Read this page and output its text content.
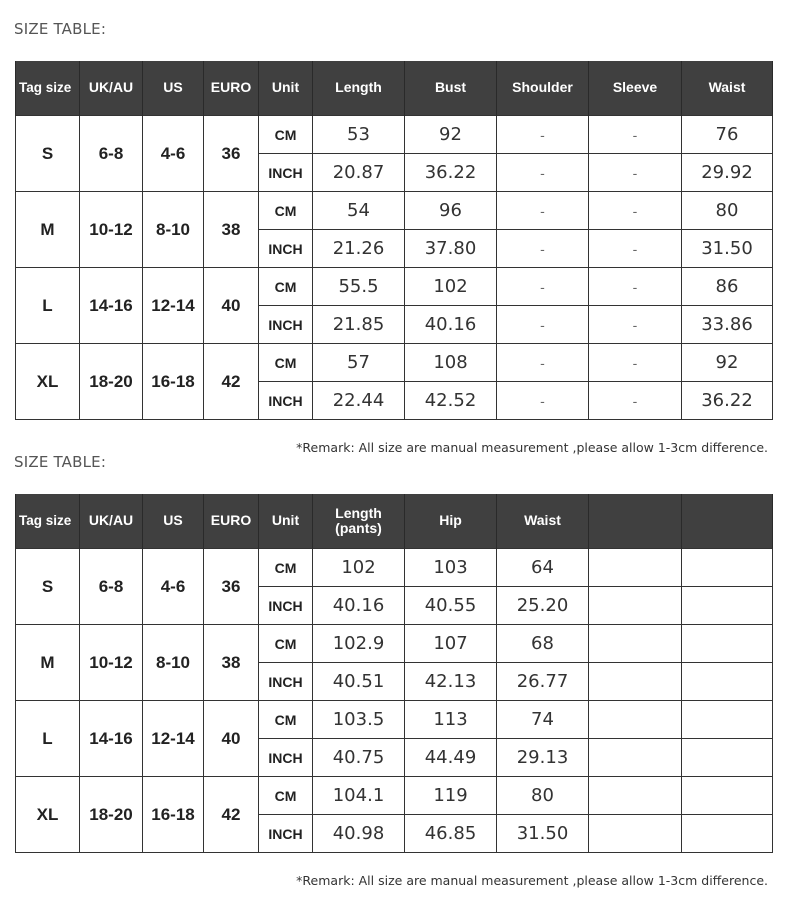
SIZE TABLE:
Tag size	UK/AU	US	EURO	Unit	Length	Bust	Shoulder	Sleeve	Waist
S	6-8	4-6	36	CM	53	92	-	-	76
				INCH	20.87	36.22	-	-	29.92
M	10-12	8-10	38	CM	54	96	-	-	80
				INCH	21.26	37.80	-	-	31.50
L	14-16	12-14	40	CM	55.5	102	-	-	86
				INCH	21.85	40.16	-	-	33.86
XL	18-20	16-18	42	CM	57	108	-	-	92
				INCH	22.44	42.52	-	-	36.22
*Remark: All size are manual measurement ,please allow 1-3cm difference.
SIZE TABLE:
Tag size	UK/AU	US	EURO	Unit	Length (pants)	Hip	Waist		
S	6-8	4-6	36	CM	102	103	64		
				INCH	40.16	40.55	25.20		
M	10-12	8-10	38	CM	102.9	107	68		
				INCH	40.51	42.13	26.77		
L	14-16	12-14	40	CM	103.5	113	74		
				INCH	40.75	44.49	29.13		
XL	18-20	16-18	42	CM	104.1	119	80		
				INCH	40.98	46.85	31.50		
*Remark: All size are manual measurement ,please allow 1-3cm difference.
